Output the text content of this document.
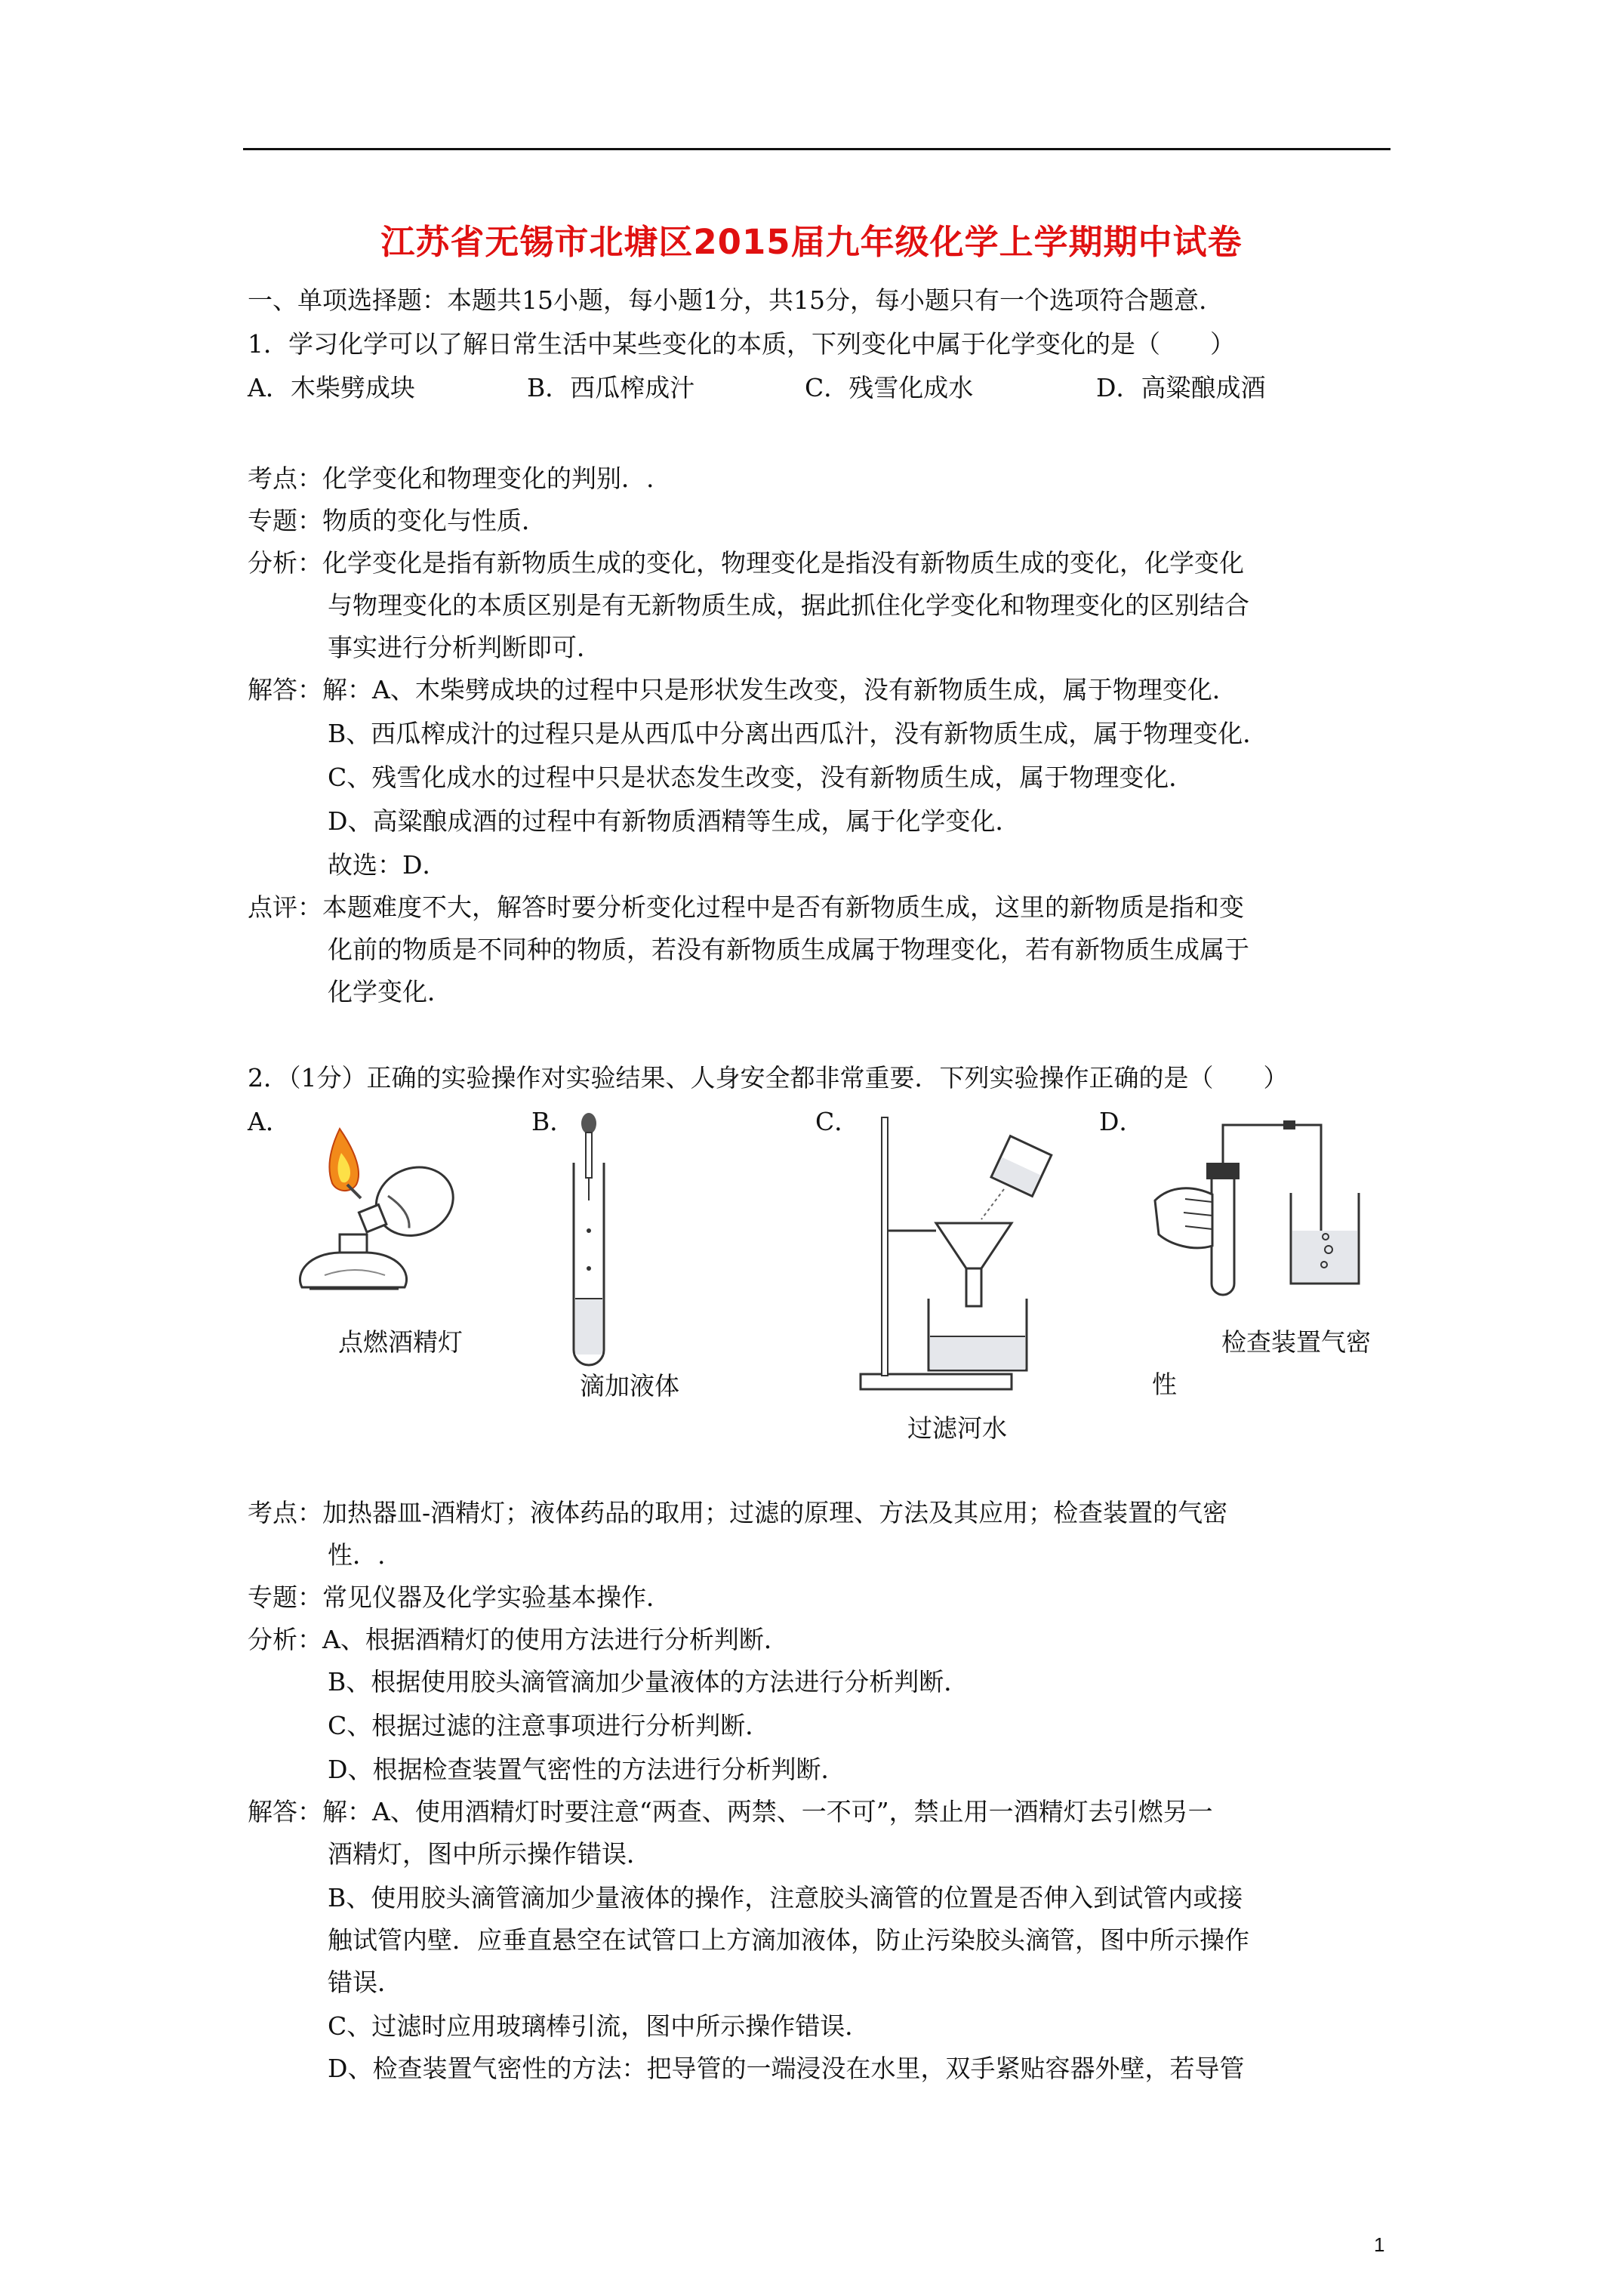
江苏省无锡市北塘区2015届九年级化学上学期期中试卷
一、单项选择题：本题共15小题，每小题1分，共15分，每小题只有一个选项符合题意.
1．学习化学可以了解日常生活中某些变化的本质，下列变化中属于化学变化的是（　　）
A．木柴劈成块	B．西瓜榨成汁	C．残雪化成水	D．高粱酿成酒
考点：化学变化和物理变化的判别．.
专题：物质的变化与性质．
分析：化学变化是指有新物质生成的变化，物理变化是指没有新物质生成的变化，化学变化
与物理变化的本质区别是有无新物质生成，据此抓住化学变化和物理变化的区别结合
事实进行分析判断即可．
解答：解：A、木柴劈成块的过程中只是形状发生改变，没有新物质生成，属于物理变化．
B、西瓜榨成汁的过程只是从西瓜中分离出西瓜汁，没有新物质生成，属于物理变化．
C、残雪化成水的过程中只是状态发生改变，没有新物质生成，属于物理变化．
D、高粱酿成酒的过程中有新物质酒精等生成，属于化学变化．
故选：D．
点评：本题难度不大，解答时要分析变化过程中是否有新物质生成，这里的新物质是指和变
化前的物质是不同种的物质，若没有新物质生成属于物理变化，若有新物质生成属于
化学变化．
2．（1分）正确的实验操作对实验结果、人身安全都非常重要．下列实验操作正确的是（　　）
A．	B．	C．	D．
点燃酒精灯
滴加液体
过滤河水
检查装置气密
性
考点：加热器皿-酒精灯；液体药品的取用；过滤的原理、方法及其应用；检查装置的气密
性．.
专题：常见仪器及化学实验基本操作．
分析：A、根据酒精灯的使用方法进行分析判断．
B、根据使用胶头滴管滴加少量液体的方法进行分析判断．
C、根据过滤的注意事项进行分析判断．
D、根据检查装置气密性的方法进行分析判断．
解答：解：A、使用酒精灯时要注意“两查、两禁、一不可”，禁止用一酒精灯去引燃另一
酒精灯，图中所示操作错误．
B、使用胶头滴管滴加少量液体的操作，注意胶头滴管的位置是否伸入到试管内或接
触试管内壁．应垂直悬空在试管口上方滴加液体，防止污染胶头滴管，图中所示操作
错误．
C、过滤时应用玻璃棒引流，图中所示操作错误．
D、检查装置气密性的方法：把导管的一端浸没在水里，双手紧贴容器外壁，若导管
1
